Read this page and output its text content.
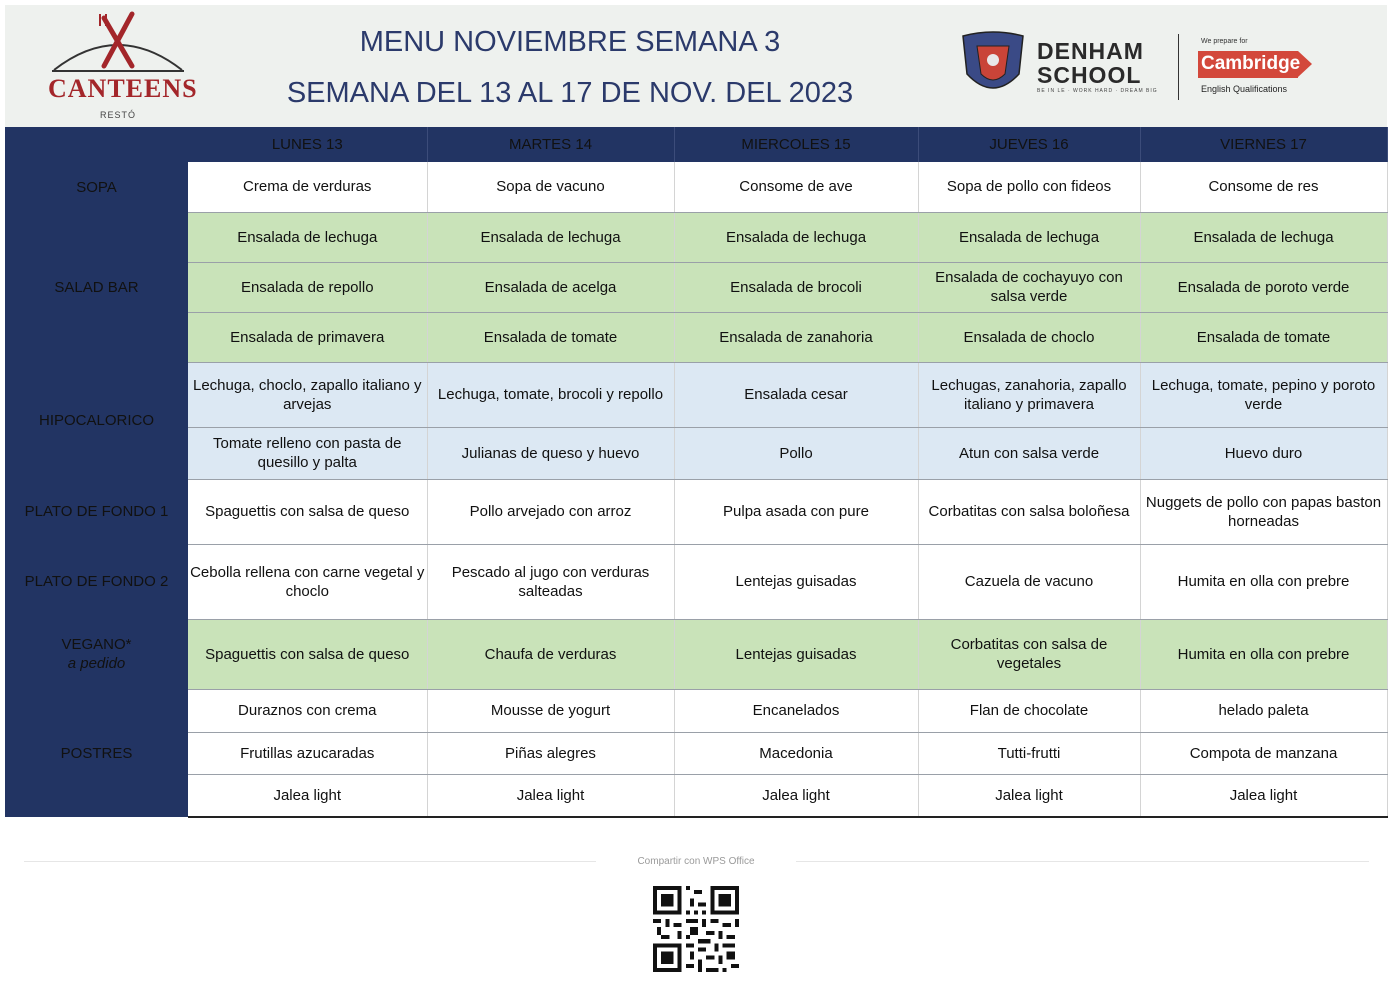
CANTEENS
RESTÓ
MENU NOVIEMBRE SEMANA 3
SEMANA DEL 13 AL 17 DE NOV. DEL 2023
DENHAM
SCHOOL
BE IN LE · WORK HARD · DREAM BIG
We prepare for
Cambridge
English Qualifications
	LUNES 13	MARTES 14	MIERCOLES 15	JUEVES 16	VIERNES 17
SOPA	Crema de verduras	Sopa de vacuno	Consome de ave	Sopa de pollo con fideos	Consome de res
SALAD BAR	Ensalada de lechuga	Ensalada de lechuga	Ensalada de lechuga	Ensalada de lechuga	Ensalada de lechuga
	Ensalada de repollo	Ensalada de acelga	Ensalada de brocoli	Ensalada de cochayuyo con salsa verde	Ensalada de poroto verde
	Ensalada de primavera	Ensalada de tomate	Ensalada de zanahoria	Ensalada de choclo	Ensalada de tomate
HIPOCALORICO	Lechuga, choclo, zapallo italiano y arvejas	Lechuga, tomate, brocoli y repollo	Ensalada cesar	Lechugas, zanahoria, zapallo italiano y primavera	Lechuga, tomate, pepino y poroto verde
	Tomate relleno con pasta de quesillo y palta	Julianas de queso y huevo	Pollo	Atun con salsa verde	Huevo duro
PLATO DE FONDO 1	Spaguettis con salsa de queso	Pollo arvejado con arroz	Pulpa asada con pure	Corbatitas con salsa boloñesa	Nuggets de pollo con papas baston horneadas
PLATO DE FONDO 2	Cebolla rellena con carne vegetal y choclo	Pescado al jugo con verduras salteadas	Lentejas guisadas	Cazuela de vacuno	Humita en olla con prebre

VEGANO*
a pedido	Spaguettis con salsa de queso	Chaufa de verduras	Lentejas guisadas	Corbatitas con salsa de vegetales	Humita en olla con prebre
POSTRES	Duraznos con crema	Mousse de yogurt	Encanelados	Flan de chocolate	helado paleta
	Frutillas azucaradas	Piñas alegres	Macedonia	Tutti-frutti	Compota de manzana
	Jalea light	Jalea light	Jalea light	Jalea light	Jalea light
Compartir con WPS Office
